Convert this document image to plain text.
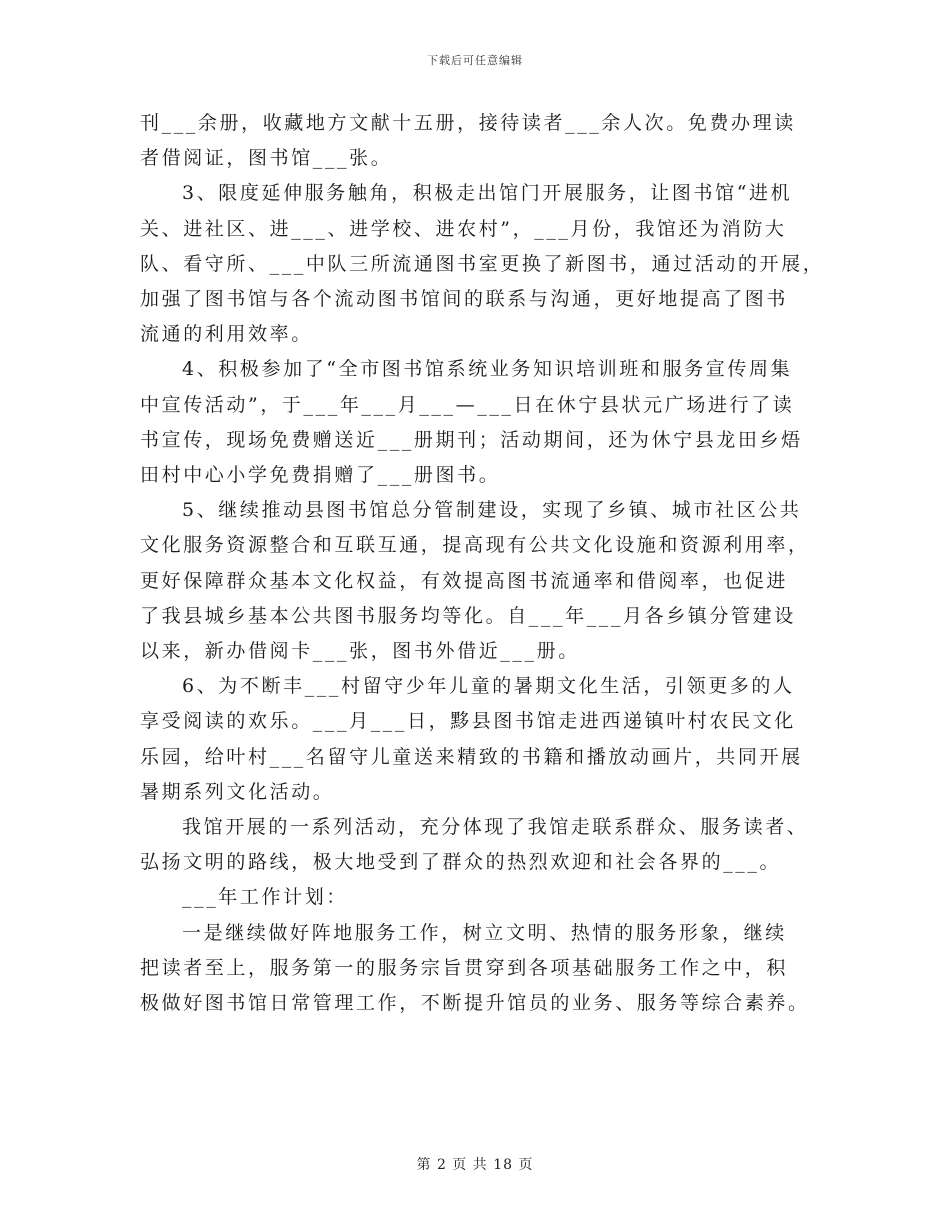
下载后可任意编辑
刊___余册，收藏地方文献十五册，接待读者___余人次。免费办理读
者借阅证，图书馆___张。
3、限度延伸服务触角，积极走出馆门开展服务，让图书馆“进机
关、进社区、进___、进学校、进农村”，___月份，我馆还为消防大
队、看守所、___中队三所流通图书室更换了新图书，通过活动的开展，
加强了图书馆与各个流动图书馆间的联系与沟通，更好地提高了图书
流通的利用效率。
4、积极参加了“全市图书馆系统业务知识培训班和服务宣传周集
中宣传活动”，于___年___月___—___日在休宁县状元广场进行了读
书宣传，现场免费赠送近___册期刊；活动期间，还为休宁县龙田乡焐
田村中心小学免费捐赠了___册图书。
5、继续推动县图书馆总分管制建设，实现了乡镇、城市社区公共
文化服务资源整合和互联互通，提高现有公共文化设施和资源利用率，
更好保障群众基本文化权益，有效提高图书流通率和借阅率，也促进
了我县城乡基本公共图书服务均等化。自___年___月各乡镇分管建设
以来，新办借阅卡___张，图书外借近___册。
6、为不断丰___村留守少年儿童的暑期文化生活，引领更多的人
享受阅读的欢乐。___月___日，黟县图书馆走进西递镇叶村农民文化
乐园，给叶村___名留守儿童送来精致的书籍和播放动画片，共同开展
暑期系列文化活动。
我馆开展的一系列活动，充分体现了我馆走联系群众、服务读者、
弘扬文明的路线，极大地受到了群众的热烈欢迎和社会各界的___。
___年工作计划：
一是继续做好阵地服务工作，树立文明、热情的服务形象，继续
把读者至上，服务第一的服务宗旨贯穿到各项基础服务工作之中，积
极做好图书馆日常管理工作，不断提升馆员的业务、服务等综合素养。
第 2 页 共 18 页
